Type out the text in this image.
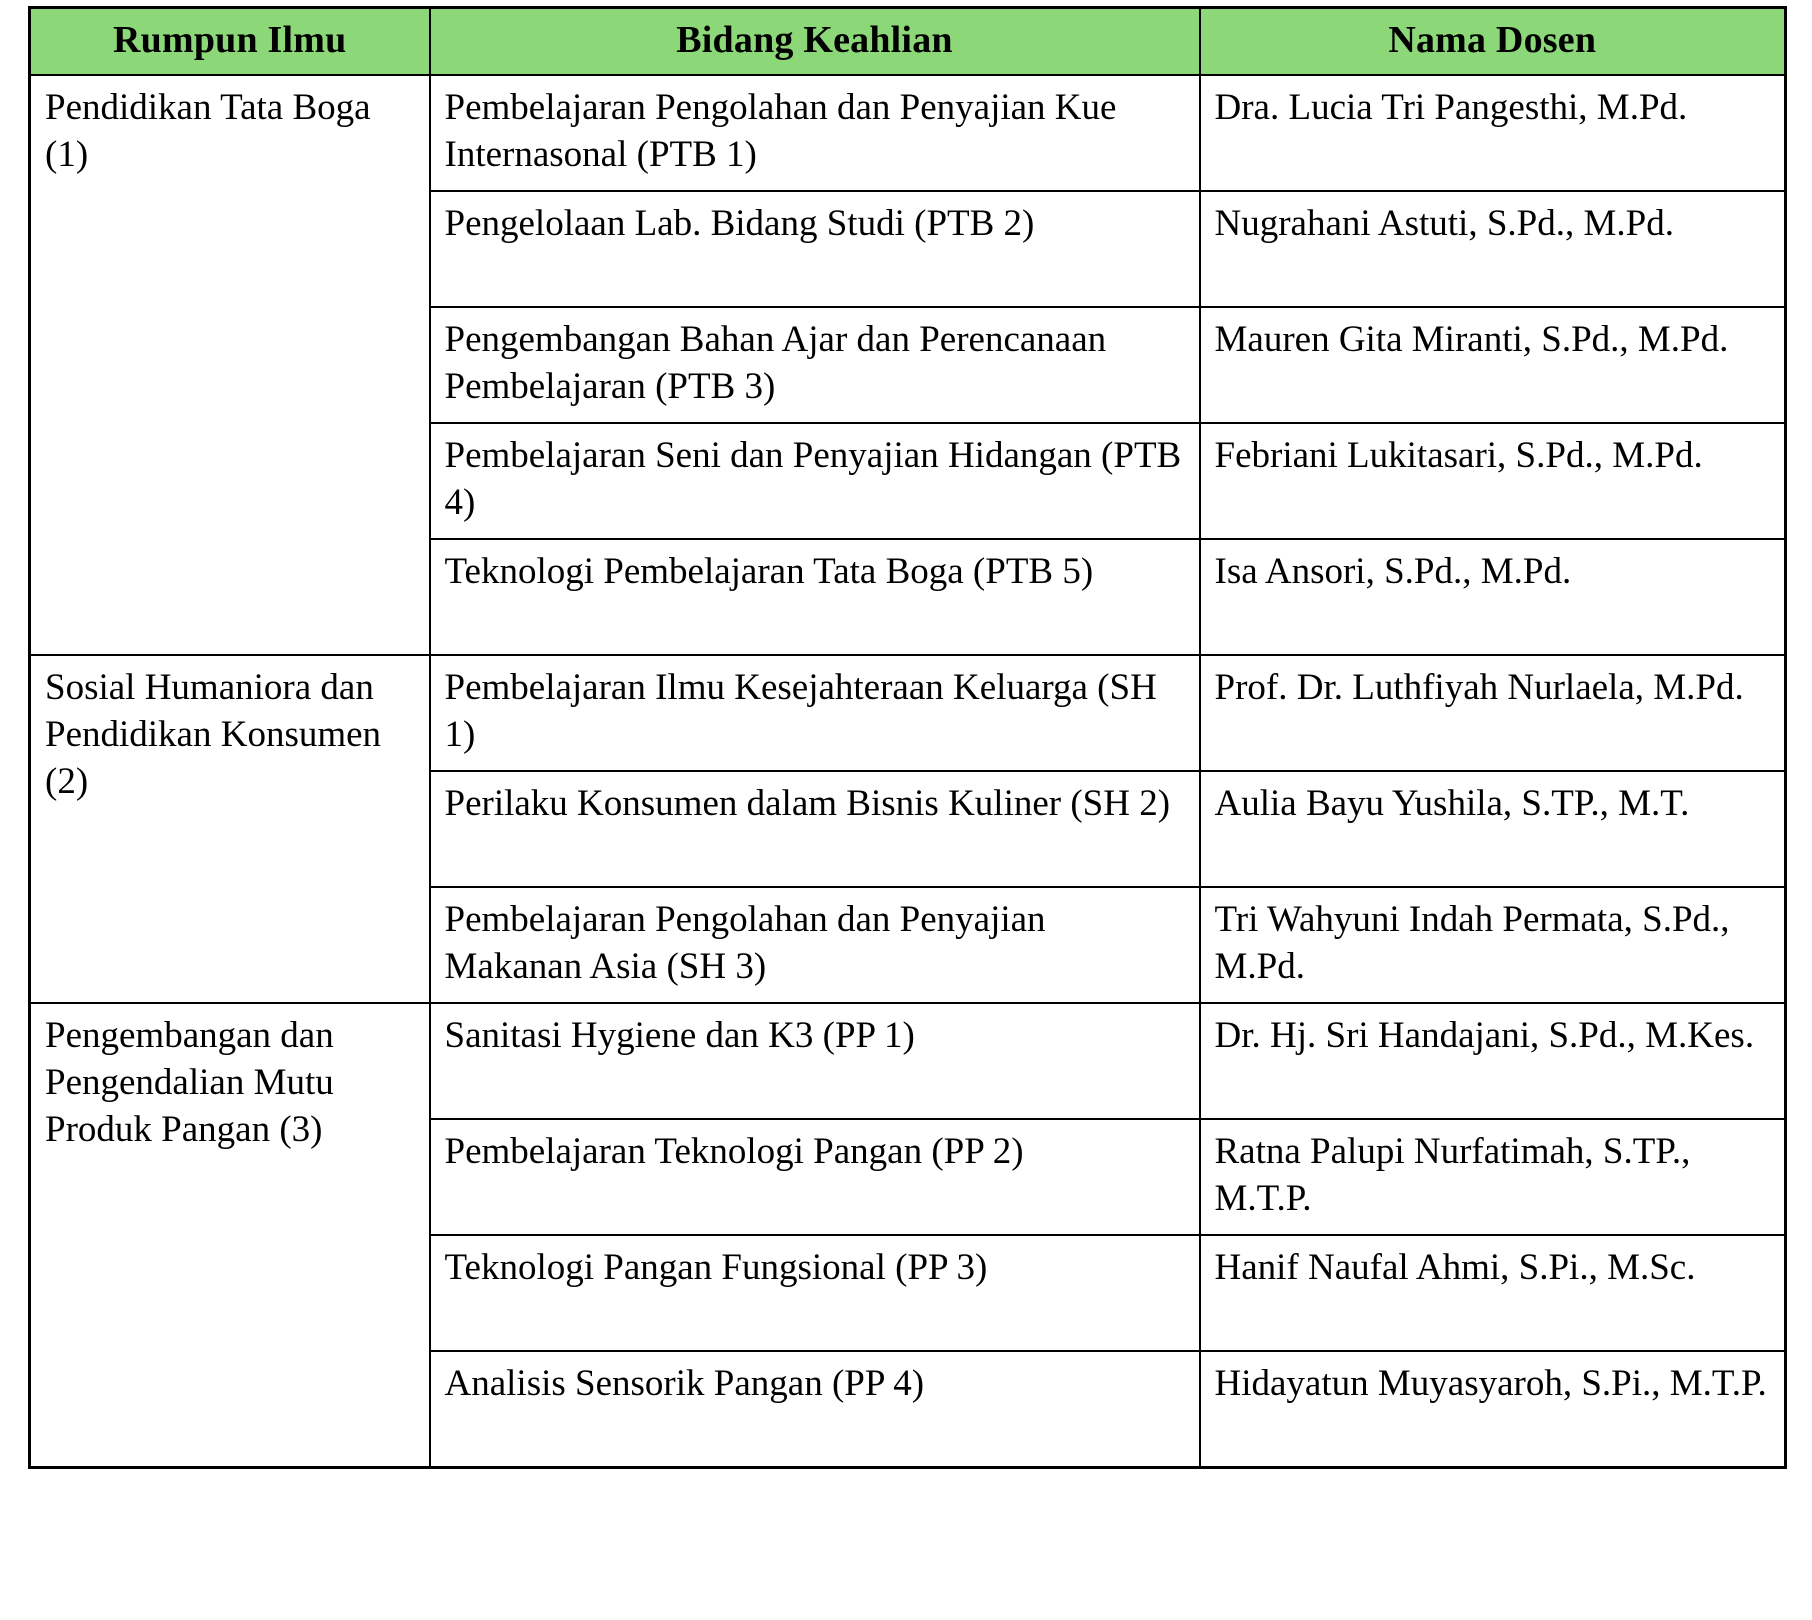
Rumpun Ilmu	Bidang Keahlian	Nama Dosen
Pendidikan Tata Boga (1)	Pembelajaran Pengolahan dan Penyajian Kue Internasonal (PTB 1)	Dra. Lucia Tri Pangesthi, M.Pd.
	Pengelolaan Lab. Bidang Studi (PTB 2)	Nugrahani Astuti, S.Pd., M.Pd.
	Pengembangan Bahan Ajar dan Perencanaan Pembelajaran (PTB 3)	Mauren Gita Miranti, S.Pd., M.Pd.
	Pembelajaran Seni dan Penyajian Hidangan (PTB 4)	Febriani Lukitasari, S.Pd., M.Pd.
	Teknologi Pembelajaran Tata Boga (PTB 5)	Isa Ansori, S.Pd., M.Pd.
Sosial Humaniora dan Pendidikan Konsumen (2)	Pembelajaran Ilmu Kesejahteraan Keluarga (SH 1)	Prof. Dr. Luthfiyah Nurlaela, M.Pd.
	Perilaku Konsumen dalam Bisnis Kuliner (SH 2)	Aulia Bayu Yushila, S.TP., M.T.
	Pembelajaran Pengolahan dan Penyajian Makanan Asia (SH 3)	Tri Wahyuni Indah Permata, S.Pd., M.Pd.
Pengembangan dan Pengendalian Mutu Produk Pangan (3)	Sanitasi Hygiene dan K3 (PP 1)	Dr. Hj. Sri Handajani, S.Pd., M.Kes.
	Pembelajaran Teknologi Pangan (PP 2)	Ratna Palupi Nurfatimah, S.TP., M.T.P.
	Teknologi Pangan Fungsional (PP 3)	Hanif Naufal Ahmi, S.Pi., M.Sc.
	Analisis Sensorik Pangan (PP 4)	Hidayatun Muyasyaroh, S.Pi., M.T.P.
